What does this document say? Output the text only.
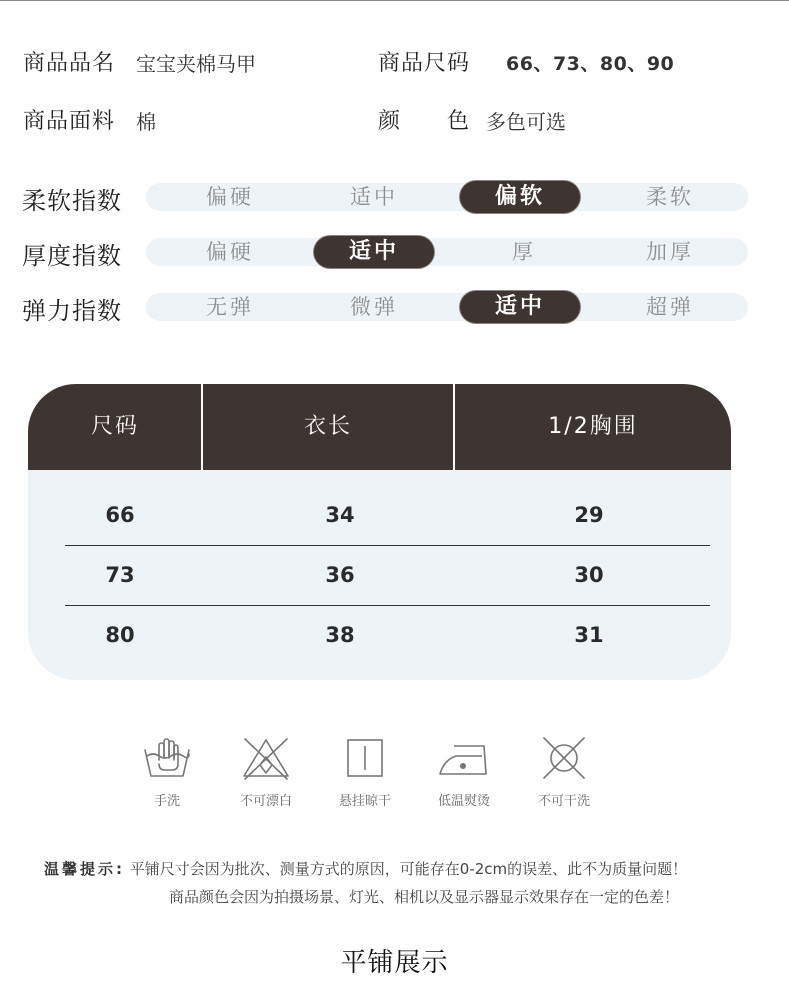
商品品名 宝宝夹棉马甲	商品尺码 66、73、80、90
商品面料 棉	颜　　色 多色可选
柔软指数	偏硬	适中	偏软	柔软
厚度指数	偏硬	适中	厚	加厚
弹力指数	无弹	微弹	适中	超弹
尺码	衣长	1/2胸围
66	34	29
73	36	30
80	38	31
手洗	不可漂白	悬挂晾干	低温熨烫	不可干洗
温馨提示: 平铺尺寸会因为批次、测量方式的原因，可能存在0-2cm的误差、此不为质量问题！
商品颜色会因为拍摄场景、灯光、相机以及显示器显示效果存在一定的色差！
平铺展示
